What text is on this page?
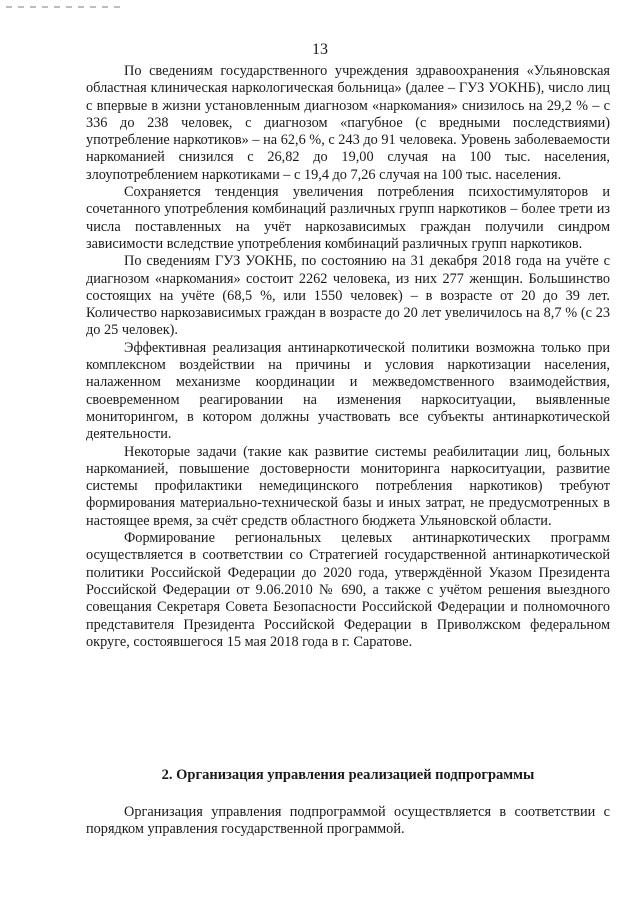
13

По сведениям государственного учреждения здравоохранения «Ульяновская областная клиническая наркологическая больница» (далее – ГУЗ УОКНБ), число лиц с впервые в жизни установленным диагнозом «наркомания» снизилось на 29,2 % – с 336 до 238 человек, с диагнозом «пагубное (с вредными последствиями) употребление наркотиков» – на 62,6 %, с 243 до 91 человека. Уровень заболеваемости наркоманией снизился с 26,82 до 19,00 случая на 100 тыс. населения, злоупотреблением наркотиками – с 19,4 до 7,26 случая на 100 тыс. населения.

Сохраняется тенденция увеличения потребления психостимуляторов и сочетанного употребления комбинаций различных групп наркотиков – более трети из числа поставленных на учёт наркозависимых граждан получили синдром зависимости вследствие употребления комбинаций различных групп наркотиков.

По сведениям ГУЗ УОКНБ, по состоянию на 31 декабря 2018 года на учёте с диагнозом «наркомания» состоит 2262 человека, из них 277 женщин. Большинство состоящих на учёте (68,5 %, или 1550 человек) – в возрасте от 20 до 39 лет. Количество наркозависимых граждан в возрасте до 20 лет увеличилось на 8,7 % (с 23 до 25 человек).

Эффективная реализация антинаркотической политики возможна только при комплексном воздействии на причины и условия наркотизации населения, налаженном механизме координации и межведомственного взаимодействия, своевременном реагировании на изменения наркоситуации, выявленные мониторингом, в котором должны участвовать все субъекты антинаркотической деятельности.

Некоторые задачи (такие как развитие системы реабилитации лиц, больных наркоманией, повышение достоверности мониторинга наркоситуации, развитие системы профилактики немедицинского потребления наркотиков) требуют формирования материально-технической базы и иных затрат, не предусмотренных в настоящее время, за счёт средств областного бюджета Ульяновской области.

Формирование региональных целевых антинаркотических программ осуществляется в соответствии со Стратегией государственной антинаркотической политики Российской Федерации до 2020 года, утверждённой Указом Президента Российской Федерации от 9.06.2010 № 690, а также с учётом решения выездного совещания Секретаря Совета Безопасности Российской Федерации и полномочного представителя Президента Российской Федерации в Приволжском федеральном округе, состоявшегося 15 мая 2018 года в г. Саратове.

2. Организация управления реализацией подпрограммы

Организация управления подпрограммой осуществляется в соответствии с порядком управления государственной программой.
